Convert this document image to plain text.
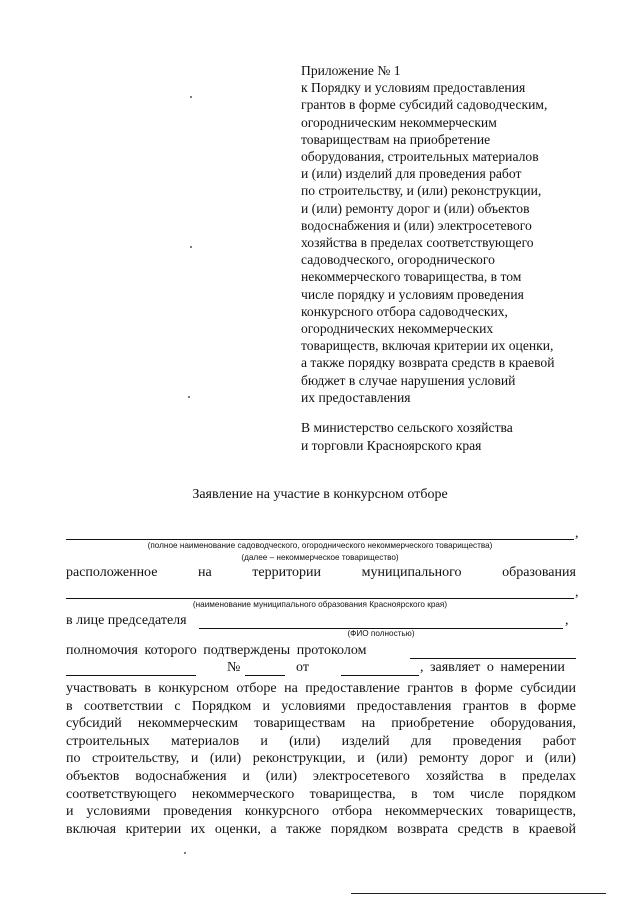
Приложение № 1
к Порядку и условиям предоставления
грантов в форме субсидий садоводческим,
огородническим некоммерческим
товариществам на приобретение
оборудования, строительных материалов
и (или) изделий для проведения работ
по строительству, и (или) реконструкции,
и (или) ремонту дорог и (или) объектов
водоснабжения и (или) электросетевого
хозяйства в пределах соответствующего
садоводческого, огороднического
некоммерческого товарищества, в том
числе порядку и условиям проведения
конкурсного отбора садоводческих,
огороднических некоммерческих
товариществ, включая критерии их оценки,
а также порядку возврата средств в краевой
бюджет в случае нарушения условий
их предоставления
В министерство сельского хозяйства
и торговли Красноярского края
Заявление на участие в конкурсном отборе
,
(полное наименование садоводческого, огороднического некоммерческого товарищества)
(далее – некоммерческое товарищество)
расположенное	на	территории	муниципального	образования
,
(наименование муниципального образования Красноярского края)
в лице председателя	,
(ФИО полностью)
полномочия которого подтверждены протоколом
№	от	, заявляет о намерении
участвовать в конкурсном отборе на предоставление грантов в форме субсидии
в соответствии с Порядком и условиями предоставления грантов в форме
субсидий некоммерческим товариществам на приобретение оборудования,
строительных материалов и (или) изделий для проведения работ
по строительству, и (или) реконструкции, и (или) ремонту дорог и (или)
объектов водоснабжения и (или) электросетевого хозяйства в пределах
соответствующего некоммерческого товарищества, в том числе порядком
и условиями проведения конкурсного отбора некоммерческих товариществ,
включая критерии их оценки, а также порядком возврата средств в краевой
